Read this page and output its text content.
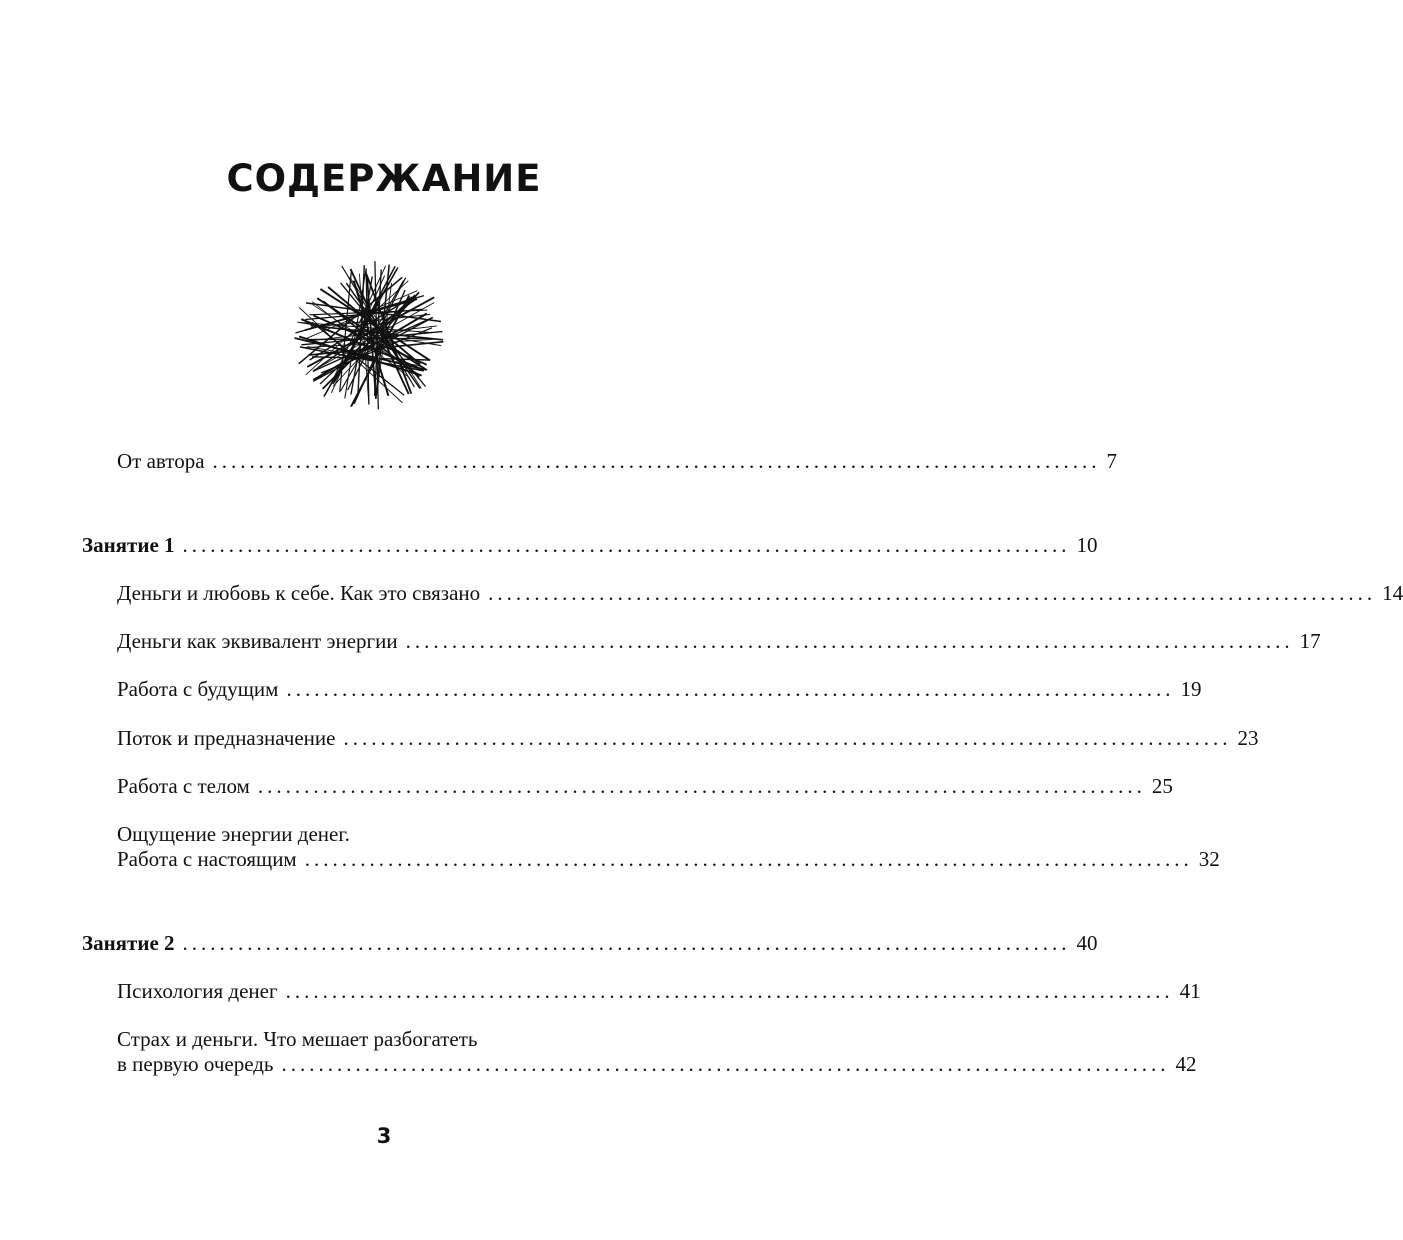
СОДЕРЖАНИЕ
От автора ................................................................................................ 7
Занятие 1 ................................................................................................ 10
Деньги и любовь к себе. Как это связано ................................................................................................ 14
Деньги как эквивалент энергии ................................................................................................ 17
Работа с будущим ................................................................................................ 19
Поток и предназначение ................................................................................................ 23
Работа с телом ................................................................................................ 25
Ощущение энергии денег.
Работа с настоящим ................................................................................................ 32
Занятие 2 ................................................................................................ 40
Психология денег ................................................................................................ 41
Страх и деньги. Что мешает разбогатеть
в первую очередь ................................................................................................ 42
3
